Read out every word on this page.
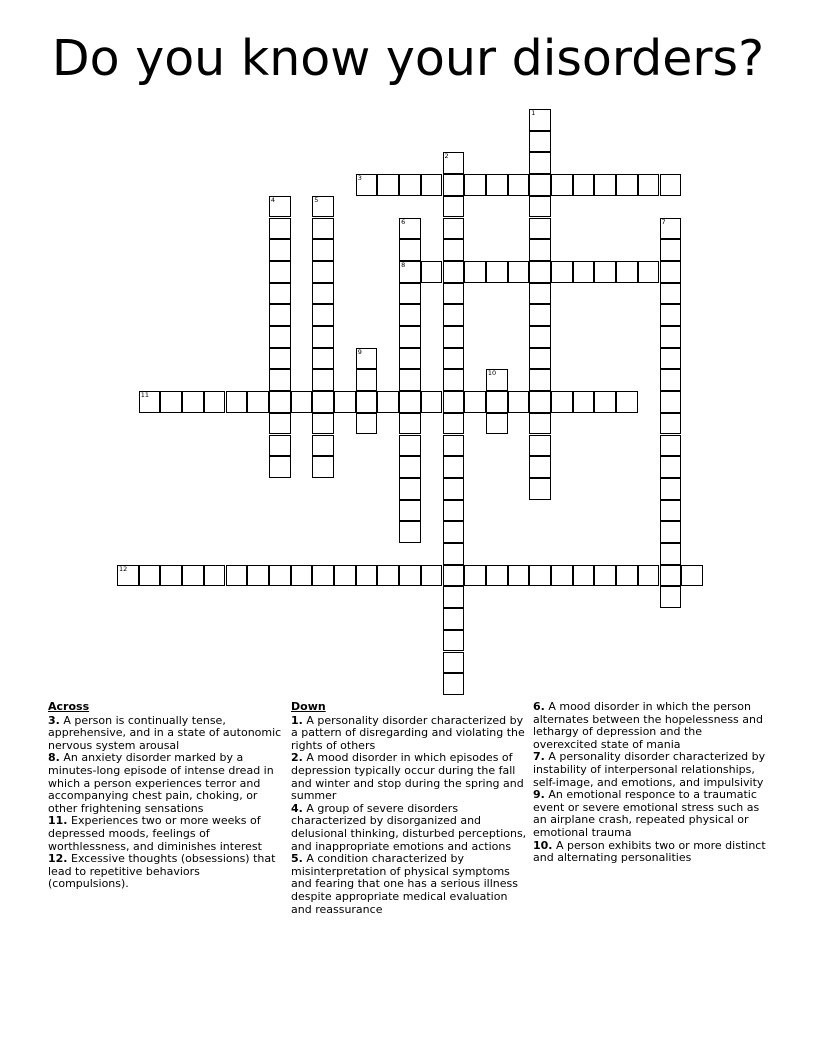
Do you know your disorders?
1
2
3
4	5
6
8
7
9
10
11
12
Across
3. A person is continually tense, apprehensive, and in a state of autonomic nervous system arousal
8. An anxiety disorder marked by a minutes-long episode of intense dread in which a person experiences terror and accompanying chest pain, choking, or other frightening sensations
11. Experiences two or more weeks of depressed moods, feelings of worthlessness, and diminishes interest
12. Excessive thoughts (obsessions) that lead to repetitive behaviors (compulsions).
Down
1. A personality disorder characterized by a pattern of disregarding and violating the rights of others
2. A mood disorder in which episodes of depression typically occur during the fall and winter and stop during the spring and summer
4. A group of severe disorders characterized by disorganized and delusional thinking, disturbed perceptions, and inappropriate emotions and actions
5. A condition characterized by misinterpretation of physical symptoms and fearing that one has a serious illness despite appropriate medical evaluation and reassurance
6. A mood disorder in which the person alternates between the hopelessness and lethargy of depression and the overexcited state of mania
7. A personality disorder characterized by instability of interpersonal relationships, self-image, and emotions, and impulsivity
9. An emotional responce to a traumatic event or severe emotional stress such as an airplane crash, repeated physical or emotional trauma
10. A person exhibits two or more distinct and alternating personalities
